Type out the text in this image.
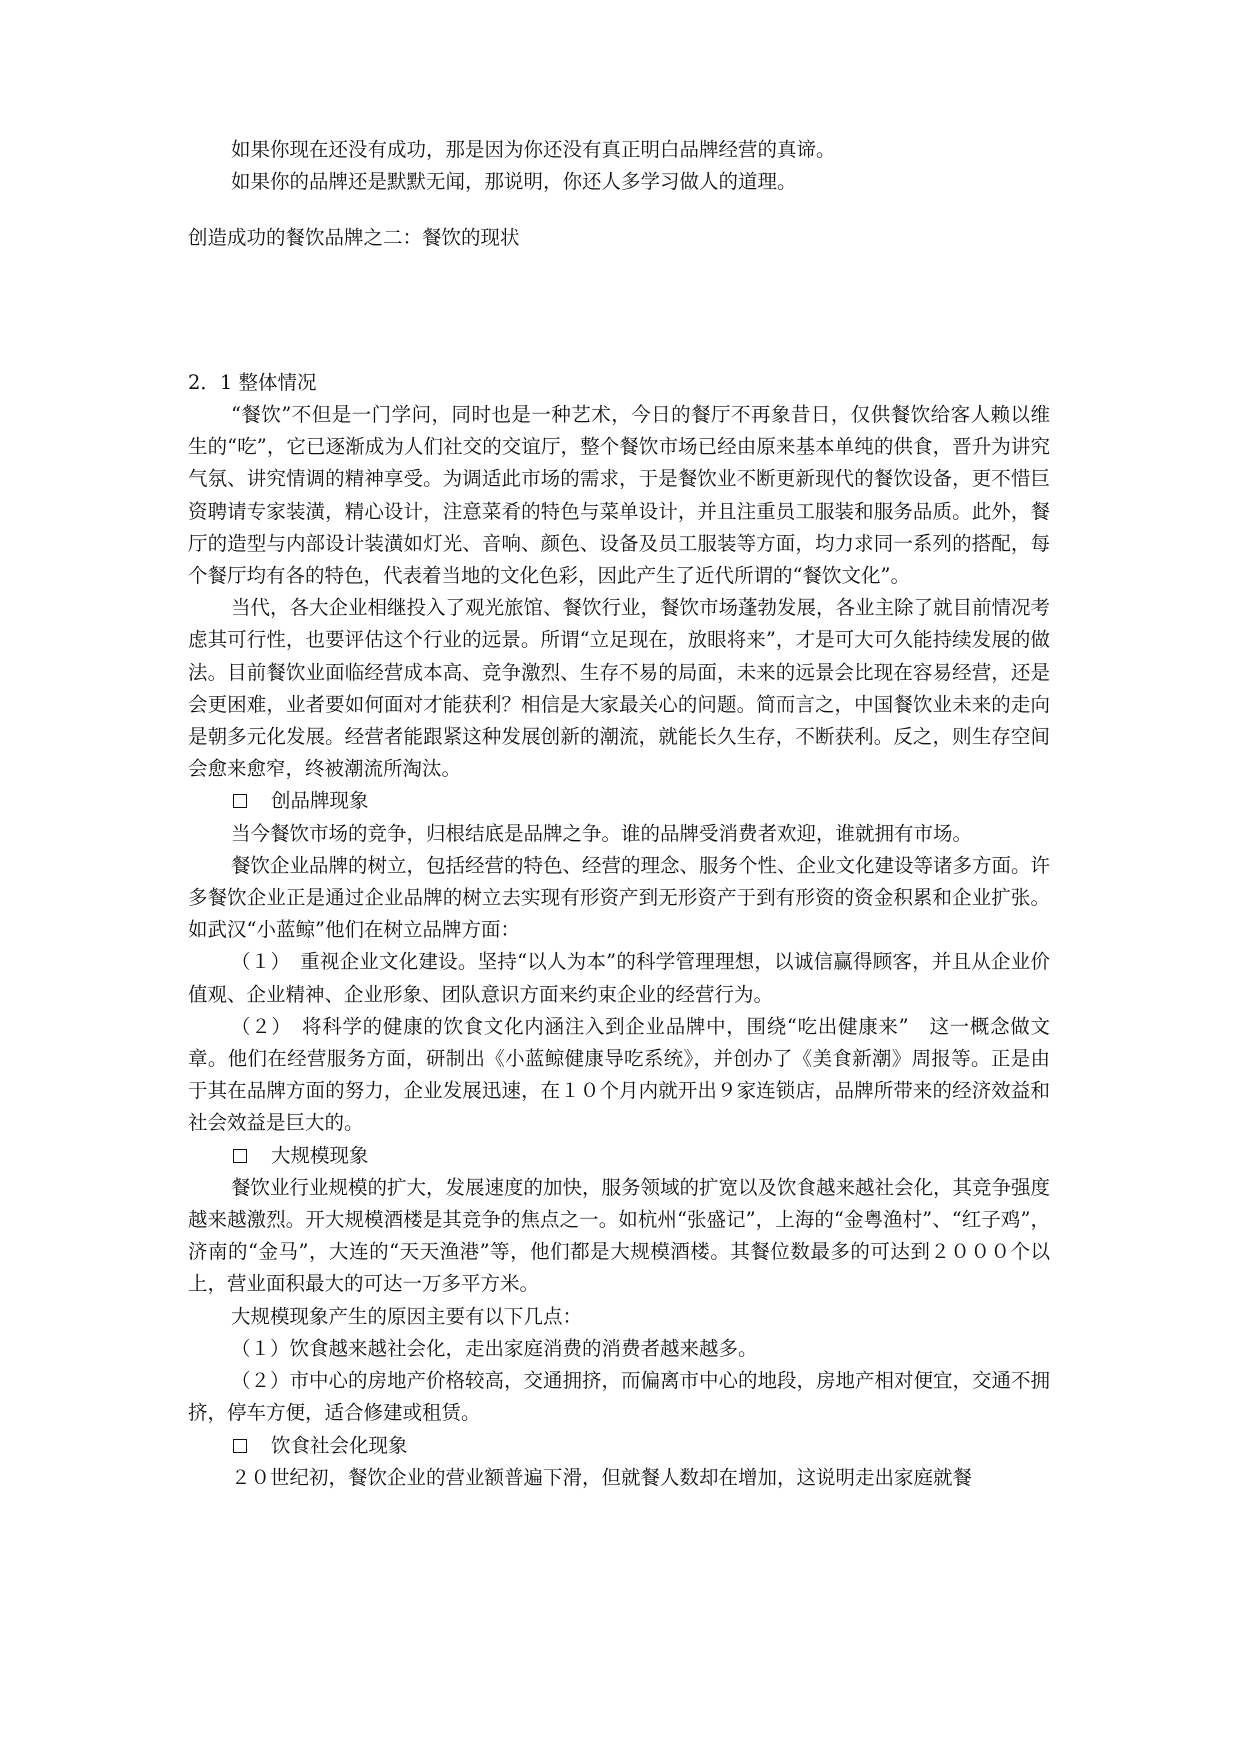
如果你现在还没有成功，那是因为你还没有真正明白品牌经营的真谛。

如果你的品牌还是默默无闻，那说明，你还人多学习做人的道理。

创造成功的餐饮品牌之二：餐饮的现状

2．1 整体情况

“餐饮”不但是一门学问，同时也是一种艺术，今日的餐厅不再象昔日，仅供餐饮给客人赖以维生的“吃”，它已逐渐成为人们社交的交谊厅，整个餐饮市场已经由原来基本单纯的供食，晋升为讲究气氛、讲究情调的精神享受。为调适此市场的需求，于是餐饮业不断更新现代的餐饮设备，更不惜巨资聘请专家装潢，精心设计，注意菜肴的特色与菜单设计，并且注重员工服装和服务品质。此外，餐厅的造型与内部设计装潢如灯光、音响、颜色、设备及员工服装等方面，均力求同一系列的搭配，每个餐厅均有各的特色，代表着当地的文化色彩，因此产生了近代所谓的“餐饮文化”。

当代，各大企业相继投入了观光旅馆、餐饮行业，餐饮市场蓬勃发展，各业主除了就目前情况考虑其可行性，也要评估这个行业的远景。所谓“立足现在，放眼将来”，才是可大可久能持续发展的做法。目前餐饮业面临经营成本高、竞争激烈、生存不易的局面，未来的远景会比现在容易经营，还是会更困难，业者要如何面对才能获利？相信是大家最关心的问题。简而言之，中国餐饮业未来的走向是朝多元化发展。经营者能跟紧这种发展创新的潮流，就能长久生存，不断获利。反之，则生存空间会愈来愈窄，终被潮流所淘汰。

创品牌现象

当今餐饮市场的竞争，归根结底是品牌之争。谁的品牌受消费者欢迎，谁就拥有市场。

餐饮企业品牌的树立，包括经营的特色、经营的理念、服务个性、企业文化建设等诸多方面。许多餐饮企业正是通过企业品牌的树立去实现有形资产到无形资产于到有形资的资金积累和企业扩张。如武汉“小蓝鲸”他们在树立品牌方面：

（１）　重视企业文化建设。坚持“以人为本”的科学管理理想，以诚信赢得顾客，并且从企业价值观、企业精神、企业形象、团队意识方面来约束企业的经营行为。

（２）　将科学的健康的饮食文化内涵注入到企业品牌中，围绕“吃出健康来”　这一概念做文章。他们在经营服务方面，研制出《小蓝鲸健康导吃系统》，并创办了《美食新潮》周报等。正是由于其在品牌方面的努力，企业发展迅速，在１０个月内就开出９家连锁店，品牌所带来的经济效益和社会效益是巨大的。

大规模现象

餐饮业行业规模的扩大，发展速度的加快，服务领域的扩宽以及饮食越来越社会化，其竞争强度越来越激烈。开大规模酒楼是其竞争的焦点之一。如杭州“张盛记”，上海的“金粤渔村”、“红子鸡”，济南的“金马”，大连的“天天渔港”等，他们都是大规模酒楼。其餐位数最多的可达到２０００个以上，营业面积最大的可达一万多平方米。

大规模现象产生的原因主要有以下几点：

（１）饮食越来越社会化，走出家庭消费的消费者越来越多。

（２）市中心的房地产价格较高，交通拥挤，而偏离市中心的地段，房地产相对便宜，交通不拥挤，停车方便，适合修建或租赁。

饮食社会化现象

２０世纪初，餐饮企业的营业额普遍下滑，但就餐人数却在增加，这说明走出家庭就餐
